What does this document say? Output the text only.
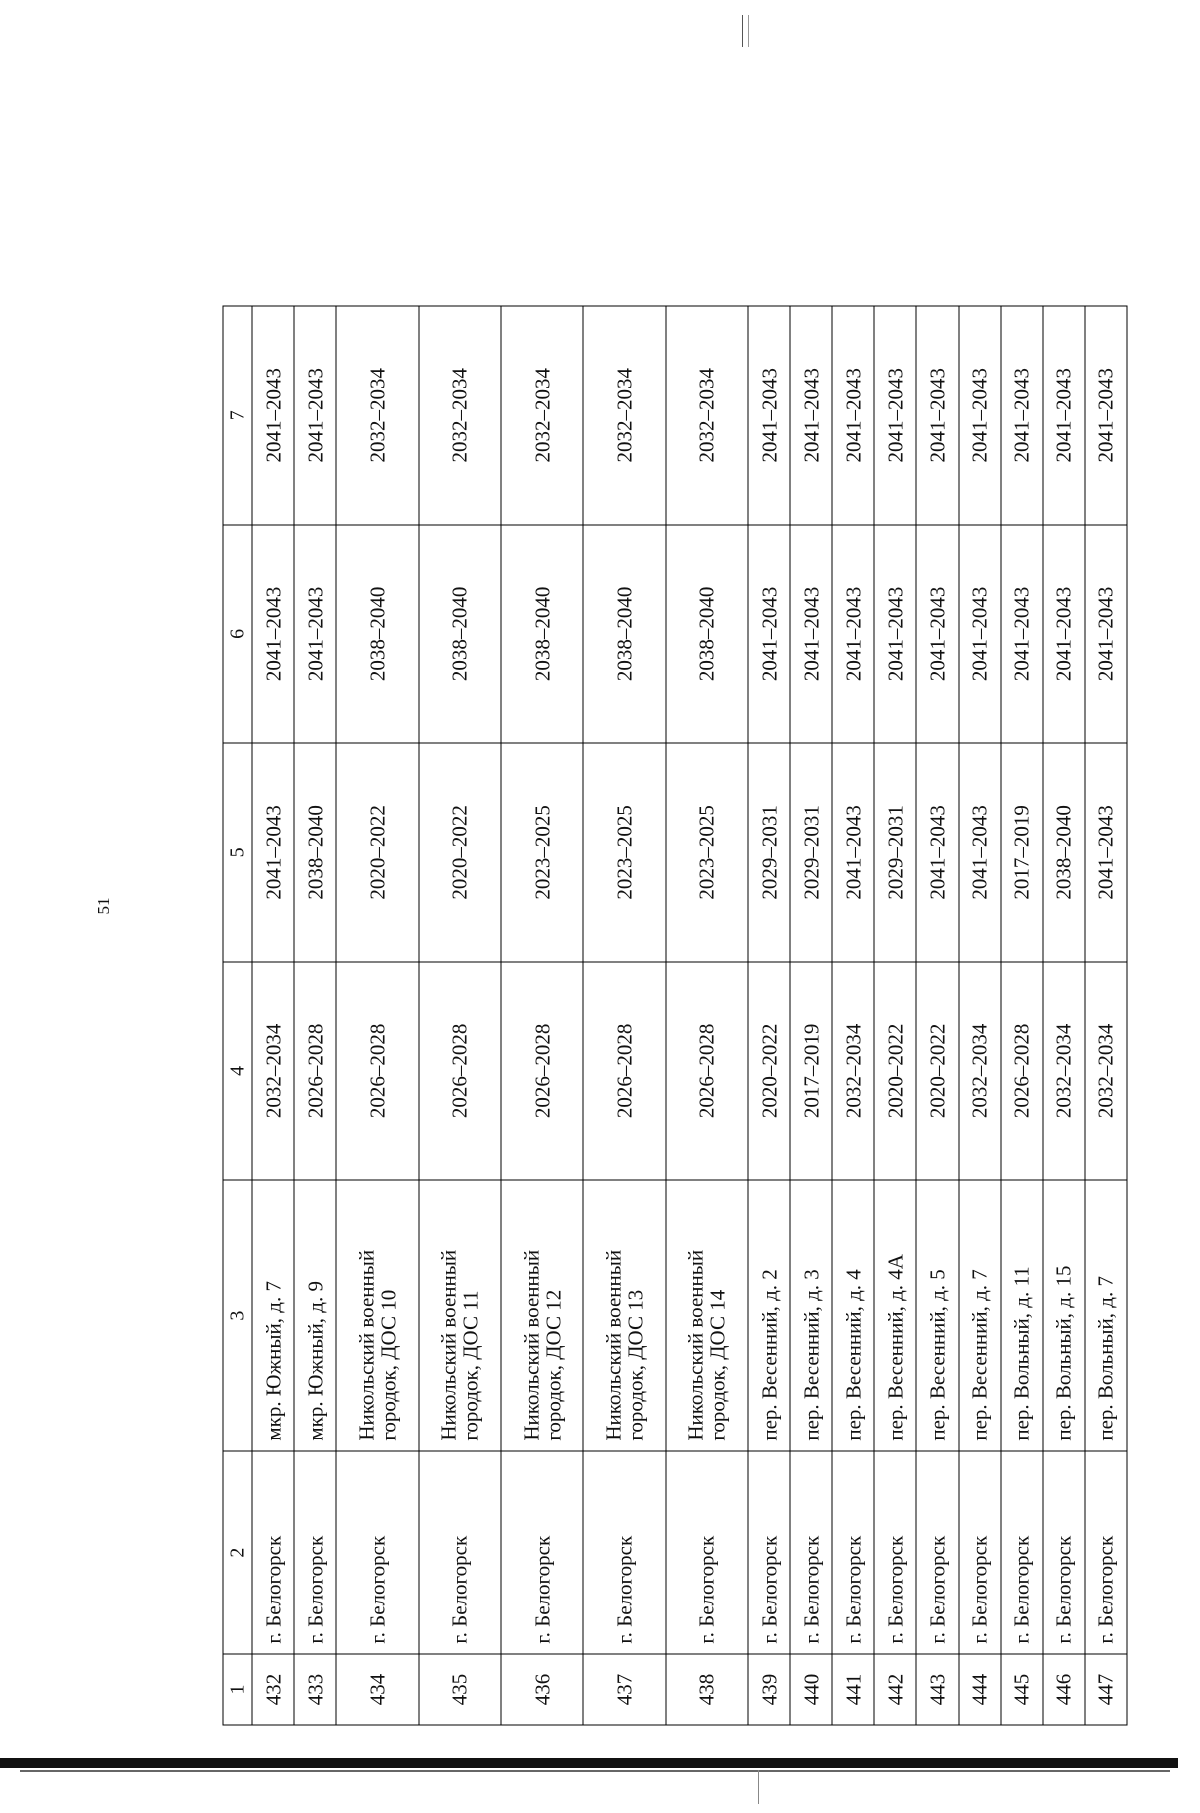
51
1	2	3	4	5	6	7
432	г. Белогорск	мкр. Южный, д. 7	2032–2034	2041–2043	2041–2043	2041–2043
433	г. Белогорск	мкр. Южный, д. 9	2026–2028	2038–2040	2041–2043	2041–2043
434	г. Белогорск	Никольский военный городок, ДОС 10	2026–2028	2020–2022	2038–2040	2032–2034
435	г. Белогорск	Никольский военный городок, ДОС 11	2026–2028	2020–2022	2038–2040	2032–2034
436	г. Белогорск	Никольский военный городок, ДОС 12	2026–2028	2023–2025	2038–2040	2032–2034
437	г. Белогорск	Никольский военный городок, ДОС 13	2026–2028	2023–2025	2038–2040	2032–2034
438	г. Белогорск	Никольский военный городок, ДОС 14	2026–2028	2023–2025	2038–2040	2032–2034
439	г. Белогорск	пер. Весенний, д. 2	2020–2022	2029–2031	2041–2043	2041–2043
440	г. Белогорск	пер. Весенний, д. 3	2017–2019	2029–2031	2041–2043	2041–2043
441	г. Белогорск	пер. Весенний, д. 4	2032–2034	2041–2043	2041–2043	2041–2043
442	г. Белогорск	пер. Весенний, д. 4А	2020–2022	2029–2031	2041–2043	2041–2043
443	г. Белогорск	пер. Весенний, д. 5	2020–2022	2041–2043	2041–2043	2041–2043
444	г. Белогорск	пер. Весенний, д. 7	2032–2034	2041–2043	2041–2043	2041–2043
445	г. Белогорск	пер. Вольный, д. 11	2026–2028	2017–2019	2041–2043	2041–2043
446	г. Белогорск	пер. Вольный, д. 15	2032–2034	2038–2040	2041–2043	2041–2043
447	г. Белогорск	пер. Вольный, д. 7	2032–2034	2041–2043	2041–2043	2041–2043
